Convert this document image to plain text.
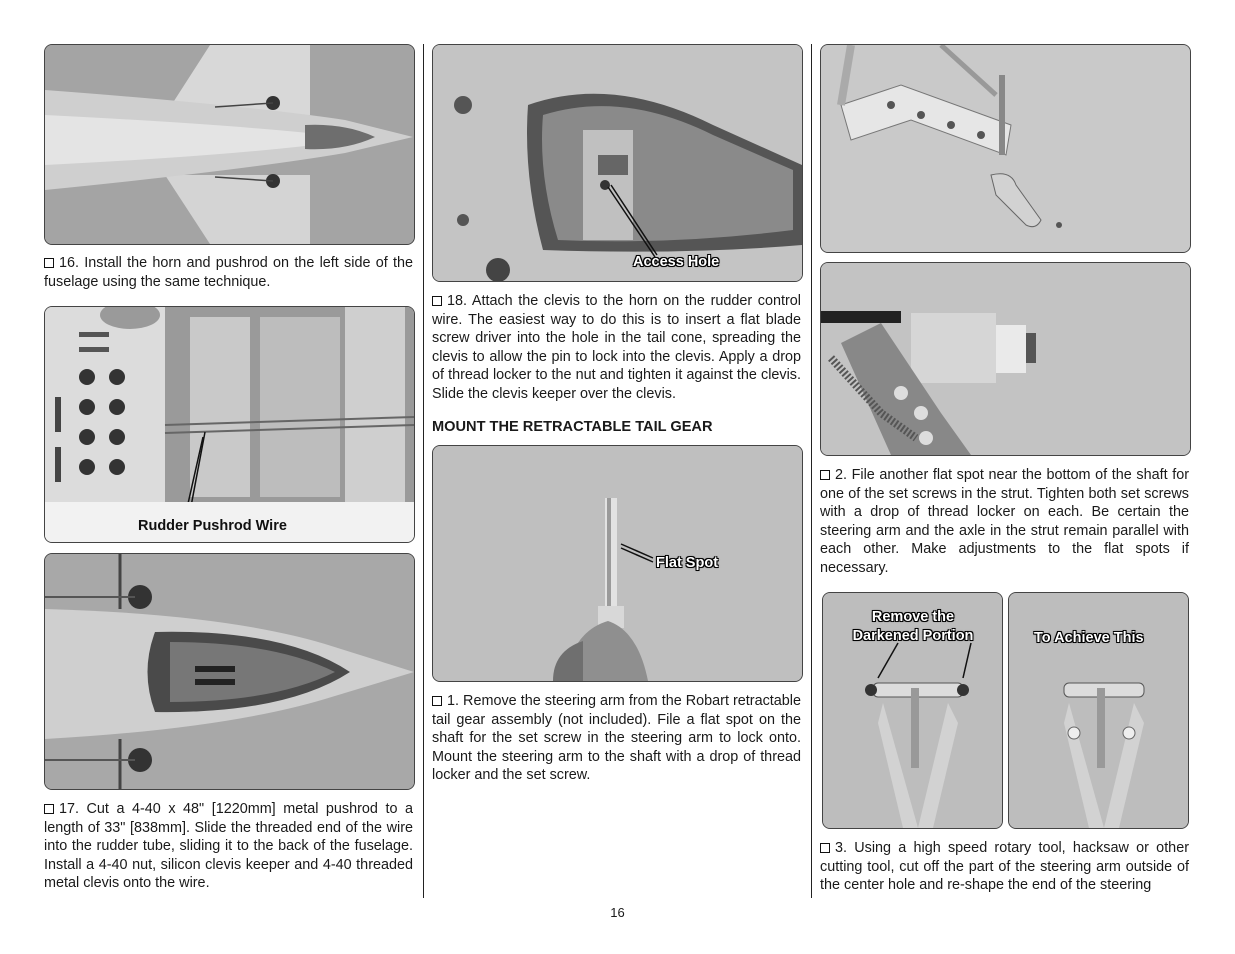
16. Install the horn and pushrod on the left side of the fuselage using the same technique.

Rudder Pushrod Wire

17. Cut a 4-40 x 48" [1220mm] metal pushrod to a length of 33" [838mm]. Slide the threaded end of the wire into the rudder tube, sliding it to the back of the fuselage. Install a 4-40 nut, silicon clevis keeper and 4-40 threaded metal clevis onto the wire.

Access Hole

18. Attach the clevis to the horn on the rudder control wire. The easiest way to do this is to insert a flat blade screw driver into the hole in the tail cone, spreading the clevis to allow the pin to lock into the clevis. Apply a drop of thread locker to the nut and tighten it against the clevis. Slide the clevis keeper over the clevis.

MOUNT THE RETRACTABLE TAIL GEAR
Flat Spot

1. Remove the steering arm from the Robart retractable tail gear assembly (not included). File a flat spot on the shaft for the set screw in the steering arm to lock onto. Mount the steering arm to the shaft with a drop of thread locker and the set screw.

2. File another flat spot near the bottom of the shaft for one of the set screws in the strut. Tighten both set screws with a drop of thread locker on each. Be certain the steering arm and the axle in the strut remain parallel with each other. Make adjustments to the flat spots if necessary.

Remove the
Darkened Portion	To Achieve This

3. Using a high speed rotary tool, hacksaw or other cutting tool, cut off the part of the steering arm outside of the center hole and re-shape the end of the steering

16
